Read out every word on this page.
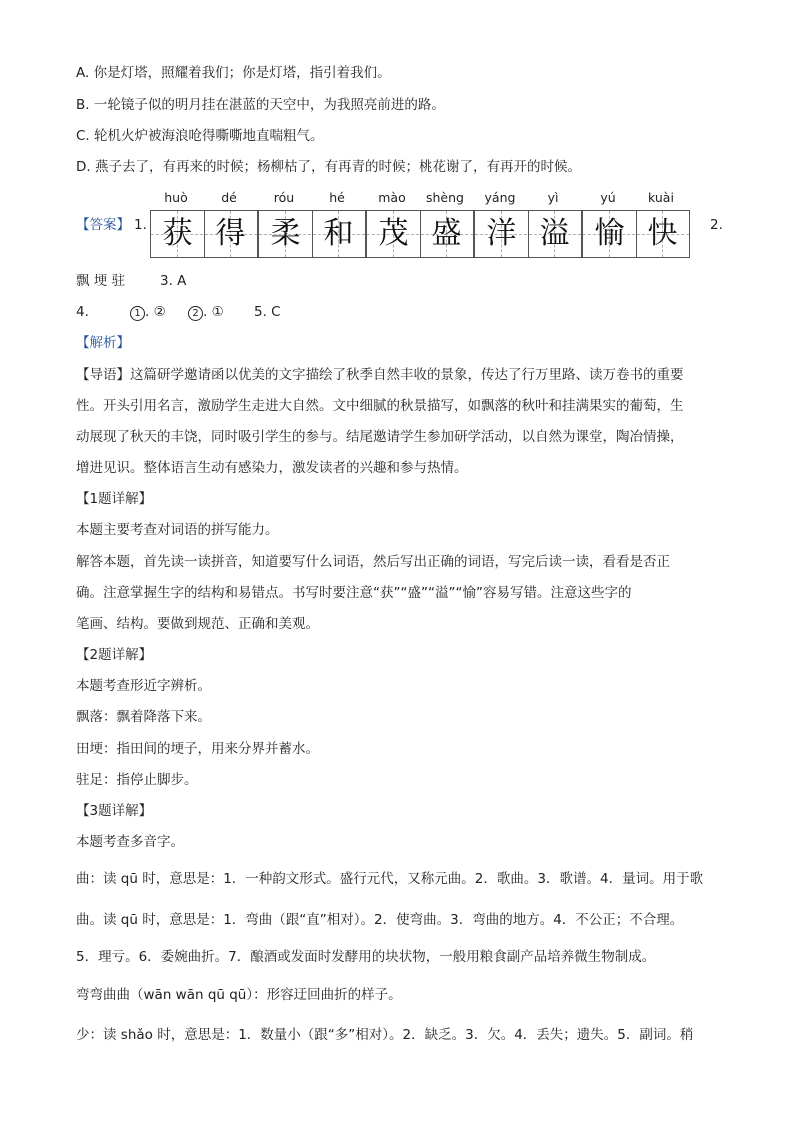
A. 你是灯塔，照耀着我们；你是灯塔，指引着我们。
B. 一轮镜子似的明月挂在湛蓝的天空中，为我照亮前进的路。
C. 轮机火炉被海浪呛得嘶嘶地直喘粗气。
D. 燕子去了，有再来的时候；杨柳枯了，有再青的时候；桃花谢了，有再开的时候。
【答案】 1.
huò	dé	róu	hé	mào	shèng	yáng	yì	yú	kuài
获 得 柔 和 茂 盛 洋 溢 愉 快	2.
飘 埂 驻	3. A
4.	1 . ②	2 . ① 5. C
【解析】
【导语】这篇研学邀请函以优美的文字描绘了秋季自然丰收的景象，传达了行万里路、读万卷书的重要
性。开头引用名言，激励学生走进大自然。文中细腻的秋景描写，如飘落的秋叶和挂满果实的葡萄，生
动展现了秋天的丰饶，同时吸引学生的参与。结尾邀请学生参加研学活动，以自然为课堂，陶冶情操，
增进见识。整体语言生动有感染力，激发读者的兴趣和参与热情。
【1题详解】
本题主要考查对词语的拼写能力。
解答本题，首先读一读拼音，知道要写什么词语，然后写出正确的词语，写完后读一读，看看是否正
确。注意掌握生字的结构和易错点。书写时要注意“获”“盛”“溢”“愉”容易写错。注意这些字的
笔画、结构。要做到规范、正确和美观。
【2题详解】
本题考查形近字辨析。
飘落：飘着降落下来。
田埂：指田间的埂子，用来分界并蓄水。
驻足：指停止脚步。
【3题详解】
本题考查多音字。
曲：读 qū 时，意思是：1．一种韵文形式。盛行元代，又称元曲。2．歌曲。3．歌谱。4．量词。用于歌
曲。读 qū 时，意思是：1．弯曲（跟“直”相对）。2．使弯曲。3．弯曲的地方。4．不公正；不合理。
5．理亏。6．委婉曲折。7．酿酒或发面时发酵用的块状物，一般用粮食副产品培养微生物制成。
弯弯曲曲（wān wān qū qū）：形容迂回曲折的样子。
少：读 shǎo 时，意思是：1．数量小（跟“多”相对）。2．缺乏。3．欠。4．丢失；遗失。5．副词。稍
